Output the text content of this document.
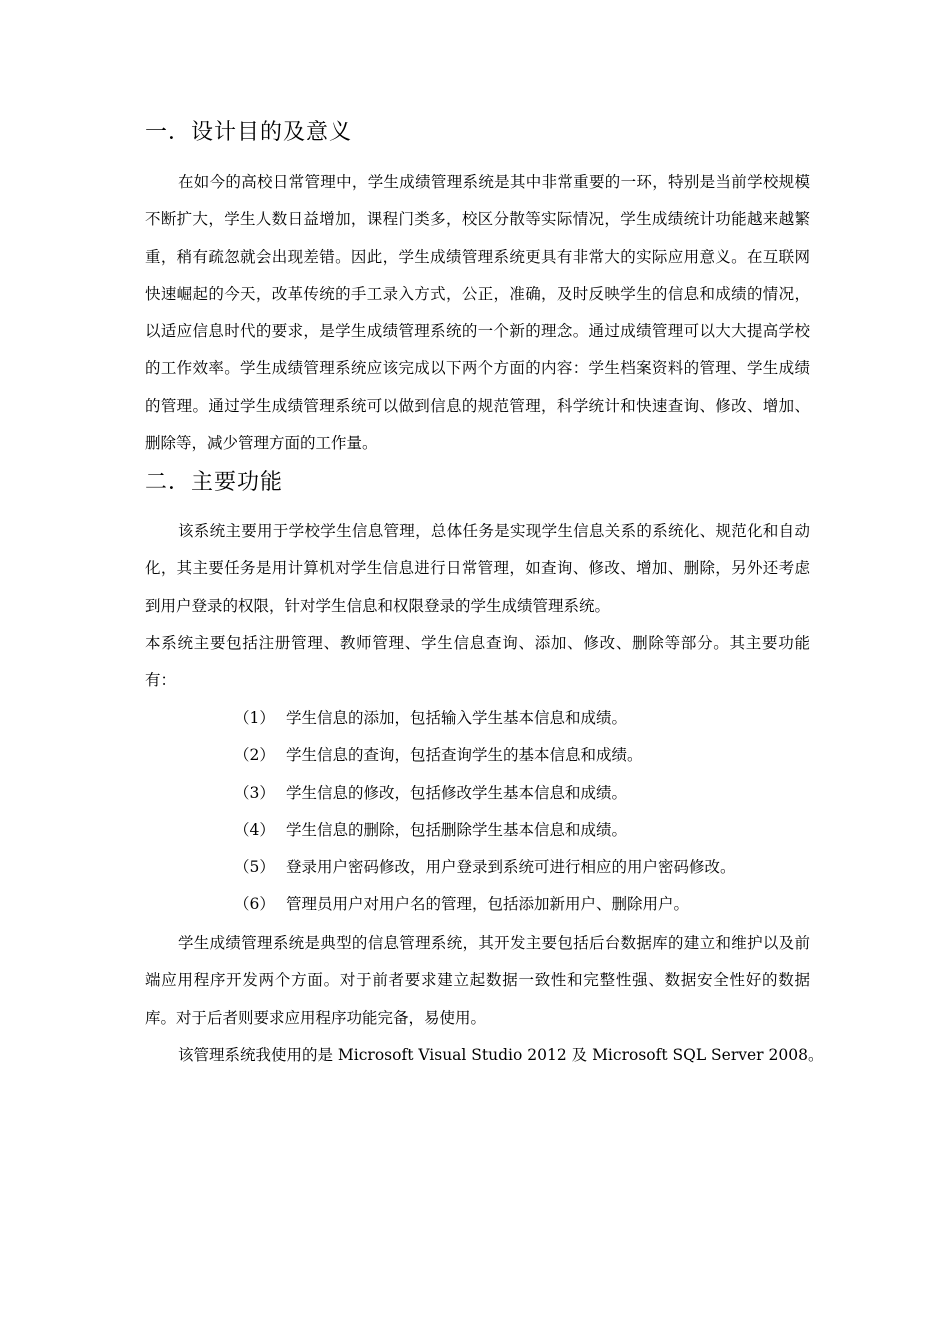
一．设计目的及意义

在如今的高校日常管理中，学生成绩管理系统是其中非常重要的一环，特别是当前学校规模不断扩大，学生人数日益增加，课程门类多，校区分散等实际情况，学生成绩统计功能越来越繁重，稍有疏忽就会出现差错。因此，学生成绩管理系统更具有非常大的实际应用意义。在互联网快速崛起的今天，改革传统的手工录入方式，公正，准确，及时反映学生的信息和成绩的情况，以适应信息时代的要求，是学生成绩管理系统的一个新的理念。通过成绩管理可以大大提高学校的工作效率。学生成绩管理系统应该完成以下两个方面的内容：学生档案资料的管理、学生成绩的管理。通过学生成绩管理系统可以做到信息的规范管理，科学统计和快速查询、修改、增加、删除等，减少管理方面的工作量。

二．主要功能

该系统主要用于学校学生信息管理，总体任务是实现学生信息关系的系统化、规范化和自动化，其主要任务是用计算机对学生信息进行日常管理，如查询、修改、增加、删除，另外还考虑到用户登录的权限，针对学生信息和权限登录的学生成绩管理系统。

本系统主要包括注册管理、教师管理、学生信息查询、添加、修改、删除等部分。其主要功能有：

（1） 学生信息的添加，包括输入学生基本信息和成绩。
（2） 学生信息的查询，包括查询学生的基本信息和成绩。
（3） 学生信息的修改，包括修改学生基本信息和成绩。
（4） 学生信息的删除，包括删除学生基本信息和成绩。
（5） 登录用户密码修改，用户登录到系统可进行相应的用户密码修改。
（6） 管理员用户对用户名的管理，包括添加新用户、删除用户。

学生成绩管理系统是典型的信息管理系统，其开发主要包括后台数据库的建立和维护以及前端应用程序开发两个方面。对于前者要求建立起数据一致性和完整性强、数据安全性好的数据库。对于后者则要求应用程序功能完备，易使用。

该管理系统我使用的是 Microsoft Visual Studio 2012 及 Microsoft SQL Server 2008。
